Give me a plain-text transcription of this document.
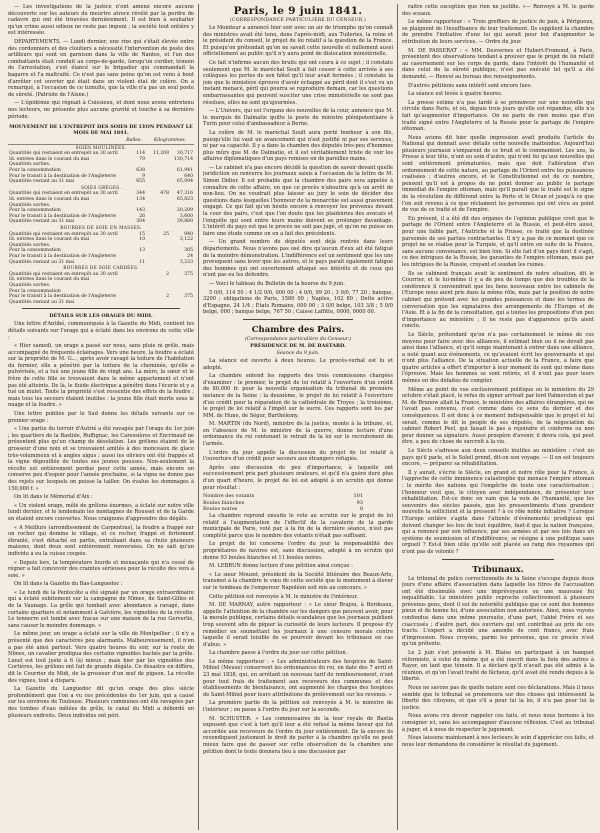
— Les investigations de la justice n'ont amené encore aucune découverte sur les auteurs du meurtre atroce révélé par la perdre de cadavre qui ont été trouvées dernièrement. Il est bien à souhaiter qu'un crime aussi odieux ne reste pas impuni ; la société tout entière y est intéressée.

DÉPARTEMENTS. — Lundi dernier, une rixe qui s'était élevée entre des cordonniers et des cloutiers a nécessité l'intervention de poste des artilleurs qui sont en garnison dans la ville de Nantes, et l'un des combattants était conduit au corps-de-garde, lorsqu'un cordier, témoin de l'arrestation, s'est élancé sur le brigadier qui commandait la bagarre et l'a maltraité. Ce n'est pas sans peine qu'on est venu à bout d'arrêter cet ouvrier qui était dans un violent état de colère. On a remarqué, à l'occasion de ce tumulte, que la ville n'a pas un seul poste de sûreté. (Patriote de l'Aisne.)

— L'épidémie qui régnait à Cuissieux, et dont nous avons entretenu nos lecteurs, ne présente plus aucune gravité et touche à sa dernière période.

MOUVEMENT DE L'ENTREPOT DES SOIES DE LYON PENDANT LE MOIS DE MAI 1841.
	Balles.	Kilogrammes.	
SOIES MOULINÉES.			
Quantités qui restaient en entrepôt au 30 avril	114	11,209	30,717
Id. entrées dans le courant du mai	79		130,714
Quantités sorties.			
Pour la consommation	638		61,941
Pour le transit à la destination de l'Angleterre	9		640
Quantités restant au 31 mai	655		65,094
SOIES GRÈGES.			
Quantités qui restaient en entrepôt au 30 avril	344	478	47,316
Id. entrées dans le courant du mai	134		65,823
Quantités sorties.			
Pour la consommation	143		20,209
Pour le transit à la destination de l'Angleterre	26		3,600
Quantités restant au 31 mai	304		39,880
BOURRES DE SOIE EN MASSES.			
Quantités qui restaient en entrepôt au 30 avril	15	25	940
Id. entrées dans le courant du mai	10		3,122
Quantités sorties.			
Pour la consommation	13		305
Pour le transit à la destination de l'Angleterre			24
Quantités restant au 31 mai	11		3,233
BOURRES DE SOIE CARDÉES.			
Quantités qui restaient en entrepôt au 30 avril		2	375
Id. entrées dans le courant du mai			
Quantités sorties.			
Pour la consommation			
Pour le transit à la destination de l'Angleterre		2	375
Quantités restant au 31 mai			
DÉTAILS SUR LES ORAGES DU MIDI.

Une lettre d'Antibé, communiquée à la Gazette du Midi, contient les détails suivants sur l'orage qui a éclaté dans les environs de cette ville :

« Hier samedi, un orage a passé sur nous, sans pluie ni grêle, mais accompagné de fréquents éclairages. Vers une heure, la foudre a éclaté sur la propriété de M. G..., après avoir ravagé la toiture de l'habitation du fermier, elle a pénétré par la toiture de la cheminée, qu'elle a pulvérisée, et a tué une jeune fille de vingt ans. La mère, la sœur et le frère de cette fille se trouvaient dans le même appartement et n'ont pas été atteints. De là, le fluide électrique a pénétré dans l'écurie et y a tué un mulet. Toute la propriété s'est ressentie des effets de la foudre ; mais tous les secours étaient inutiles : la jeune fille était morte sous le nuage et la foudre. »

Une lettre publiée par le Sud donne les détails suivants sur ce premier orage :

« Une partie du terroir d'Autrié a été ravagée par l'orage du 1er juin ; les quartiers de la Bastide, Ruffignac, les Caressières et Encrinaud ne présentent plus qu'un champ de désolation. Les grêlons étaient de la grosseur d'une noix et se trouvaient amités à des monceaux de glace très-volumineux et à angles aigus ; aussi les oliviers ont été frappés et la vigne dépouillée de toutes ses jeunes pousses. Non-seulement la récolte est entièrement perdue pour cette année, mais encore on conserve peu d'espoir pour l'année prochaine, si la vigne ne donne pas des rejets sur lesquels on puisse la tailler. On évalue les dommages à 150,000 f. »

On lit dans le Mémorial d'Aix :

« Un violent orage, mêlé de grêlons énormes, a éclaté sur notre ville lundi dernier, et le lendemain les montagnes de Rousset et de la Garde en étaient encore couvertes. Nous craignons d'apprendre des dégâts.

« A Meillurs (arrondissement de Carpentras), la foudre a frappé sur un rocher qui domine le village, et ce rocher, frappé et fortement ébranlé, s'est détaché en partie, entraînant dans sa chute plusieurs maisons, dont deux sont entièrement renversées. On ne sait qu'un individu a eu la cuisse coupée.

« Depuis lors, la température lourde et menaçante qui n'a cessé de régner a fait concevoir des craintes sérieuses pour la récolte des vers à soie. »

On lit dans la Gazette du Bas-Languedoc :

« Le lundi de la Pentecôte a été signalé par un orage extraordinaire qui a éclaté subitement sur la campagne de Nîmes, de Saint-Gilles et de la Vaunage. La grêle qui tombait avec abondance a ravagé, dans certains quartiers et notamment à Galvière, les vignobles de la récolte. Le tonnerre est tombé avec fracas sur une maison de la rue Gerverlié, sans causer le moindre dommage. »

Le même jour, un orage a éclaté sur la ville de Montpellier ; il n'y a présenté que des caractères peu alarmants. Malheureusement, il n'en a pas été ainsi partout. Vers quatre heures du soir, sur la route de Nîmes, un cavalier prodigua des certains vignobles hachés par la grêle. Lunel est tout juste à 6 (à) mieux ; mais hier par les vignobles des Cortières, les grêlons ont fait de grands dégâts. Ce désastre en diffère, dit le Courrier du Midi, de la grosseur d'un œuf de pigeon. La récolte des vignes, tout a disparu.

La Gazette du Languedoc dit qu'un orage des plus siècle profondément que l'on a vu ces précédentes du 1er juin, qui a causé sur les environs de Toulouse. Plusieurs communes ont été ravagées par des tombes d'eau mêlées de grêle, le canal du Midi a débordé en plusieurs endroits. Deux individus ont péri.

Paris, le 9 juin 1841.
(CORRESPONDANCE PARTICULIÈRE DU CENSEUR.)

Le Moniteur a annoncé hier soir avec un air de triomphe qu'on connaît des ministres avait été tenu, dans l'après-midi, aux Tuileries, la reine et le président du conseil, le projet de loi relatif à la question de la France. Et puisqu'on prétendait qu'on ne savait cette nouvelle et nullement aussi officiellement au public qu'il n'y aura point de dislocation ministérielle.

Ce fait n'infirme aucun des bruits qui ont couru à ce sujet ; il constate seulement que M. le maréchal Soult a fait cesser à cette arrivée à ses collègues les portes de son hôtel qu'il leur avait fermées ; il constate la joie que le ministère éprouve d'avoir échappé au péril dont il s'est vu un instant menacé, péril qui pourra se reproduire demain, car les questions embarrassantes qui peuvent susciter une crise ministérielle ne sont pas résolues, elles ne sont qu'ajournées.

— L'Univers, qui est l'organe des nouvelles de la cour, annonce que M. le marquis de Dalmatie quitte le poste de ministre plénipotentiaire à Turin pour celui d'ambassadeur à Berne.

La colère de M. le maréchal Soult aura porté bonheur à son fils, puisqu'elle lui vaut un avancement qui n'est justifié ni par ses services, ni par sa capacité. Il y a dans la chambre des députés très-peu d'hommes plus mûrs que M. de Dalmatie, et il est véritablement triste de voir les affaires diplomatiques d'un pays remises en de pareilles mains.

— Le cabinet n'a pas encore décidé la question de savoir devant quelle juridiction on renverra les journaux saisis à l'occasion de la lettre de M. Simon Didier. Il est probable que la chambre des pairs sera appelée à connaître de cette affaire, en que ce procès n'aboutira qu'à un arrêt de non-lieu. On ne voudrait plus laisser au jury le soin de décider des questions dans lesquelles l'honneur de la monarchie est aussi gravement engagé. Ce qui fait qu'on hésite encore à renvoyer les prévenus devant la cour des pairs, c'est que l'on doute que les plaidoiries des avocats et l'enquête qui sont entre leurs mains doivent se prolonger davantage. L'intérêt du pays est que le procès ne soit pas jugé, et qu'on ne puisse en faire une étude comme on en a fait des précédents.

— Un grand nombre de députés sont déjà rentrés dans leurs départements. Nous n'avons pas osé dire qu'aucun d'eux ait été fatigué de la moindre démonstration. L'indifférence est un sentiment que les uns provoquent sans lever que les autres, et le pays paraît également fatigué des hommes qui ont ouvertement attaqué ses intérêts et de ceux qui n'ont pas eu les défendre.

— Voici le tableau du Bulletin de la bourse du 9 juin.

5 0/0, 114 50 ; 4 1/2 0/0, 000 00 ; 4 0/0, 99 20 ; 3 0/0, 77 20 ; banque, 3200 ; obligations de Paris, 1580 00 ; Naples, 102 80 ; Dette active d'Espagne, 24 1/4 ; États Romains, 000 00 ; 3 0/0 belge, 103 3/8 ; 5 0/0 belge, 000 ; banque belge, 767 50 ; Caisse Laffitte, 0000, 0000 00.

Chambre des Pairs.
(Correspondance particulière du Censeur.)
PRÉSIDENCE DE M. DE BASTARD.
Séance du 9 juin.

La séance est ouverte à deux heures. Le procès-verbal est lu et adopté.

La chambre entend les rapports des trois commissions chargées d'examiner : le premier, le projet de loi relatif à l'ouverture d'un crédit de 80,000 fr. pour la nouvelle organisation du tribunal de première instance de la Seine ; la deuxième, le projet de loi relatif à l'ouverture d'un crédit pour la réparation de la cathédrale de Troyes ; la troisième, le projet de loi relatif à l'impôt sur le sucre. Ces rapports sont lus par MM. de Hune, de Ségur, Barthélemy.

M. MARTIN (du Nord), ministre de la justice, monte à la tribune, et, en l'absence de M. le ministre de la guerre, donne lecture d'une ordonnance du roi contenant le retrait de la loi sur le recrutement de l'armée.

L'ordre du jour appelle la discussion du projet de loi relatif à l'ouverture d'un crédit pour secours aux étrangers réfugiés.

Après une discussion de peu d'importance, à laquelle ont successivement pris part plusieurs orateurs, et qu'il n'a guère duré plus d'un quart d'heure, le projet de loi est adopté à un scrutin qui donne pour résultat :

Nombre des votants	101
Boules blanches	93
Boules noires	8

La chambre reprend ensuite le vote au scrutin sur le projet de loi relatif à l'augmentation de l'effectif de la cavalerie de la garde municipale de Paris, voté par, à la fin de la dernière séance, n'est pas complété parce que le nombre des votants n'était pas suffisant.

Le projet de loi concerne l'ordre du jour la responsabilité des propriétaires de navires est, sans discussion, adopté à un scrutin qui donne 93 boules blanches et 11 boules noires.

M. LEBRUN donne lecture d'une pétition ainsi conçue :

« Le sieur Mouzet, président de la Société littéraire des Beaux-Arts, transmet à la chambre le vœu de cette société que le monument à élever sur le tombeau de l'empereur Napoléon soit mis au concours. »

Cette pétition est renvoyée à M. le ministre de l'intérieur.

M. DE MARNAY, autre rapporteur : « Le sieur Brajou, à Bordeaux, appelle l'attention de la chambre sur les dangers que peuvent avoir, pour la morale publique, certains détails scandaleux que les journaux publient trop souvent afin de piquer la curiosité de leurs lecteurs. Il propose d'y remédier en soumettant les journaux à une censure morale contre laquelle il serait loisible de se pourvoir devant les tribunaux en cas d'abus. »

La chambre passe à l'ordre du jour sur cette pétition.

Le même rapporteur : « Les administrateurs des hospices de Saint-Mihiel (Meuse) conservent les ordonnances du roi, en date des 7 avril et 23 mai 1838, qui, en arrêtant un nouveau tarif de remboursement, n'ont pour tout frais de traitement aux receveurs des communes et des établissements de bienfaisance, ont augmenté les charges des hospices de Saint-Mihiel pour leurs attributions de prélèvement sur les revenus. »

La première partie de la pétition est renvoyée à M. le ministre de l'intérieur ; on passe à l'ordre du jour sur la seconde.

M. SCHUSTER. « Les commissaires de la tour royale de Bastia exposent que c'est à tort qu'il leur a été refusé la même faveur qui fut accordée aux receveurs de l'ordre du jour entièrement. De là encore ils revendiquent justement le droit de parler à la chambre qu'elle ne peut mieux faire que de passer sur cette observation de la chambre une pétition dont le texte donnera lieu à une discussion par

raître cette exception que rien ne justifie. »— Renvoyé à M. le garde des sceaux.

Le même rapporteur : « Trois greffiers de justice de paix, à Périgueux, se plaignent de l'insuffisance de leur traitement. Ils supplient la chambre de prendre l'initiative d'une loi qui aurait pour but d'augmenter la rétribution de leurs services. — Ordre du jour.

M. DE PASSERAT : « MM. Desvernes et Hubert-Fromond, à Paris, présentent des observations tendant à prouver que le projet de loi relatif au casernement sur les corps de garde, dans l'intérêt de l'humanité et dans celui de la sûreté publique, n'est pas exécuté tel qu'il a été demandé. — Renvoi au bureau des renseignements.

D'autres pétitions sans intérêt sont encore lues.

La séance est levée à quatre heures.

La presse estime n'a pas tardé à se prononcer sur une nouvelle qui circule dans Paris, et où, depuis trois jours qu'elle est répandue, elle n'a fait qu'augmenter d'importance. On ne parle de rien moins que d'un traité signé entre l'Angleterre et la Russie pour le partage de l'empire ottoman.

Nous avions dit hier quelle impression avait produite l'article du National qui donnait avec détails cette nouvelle inattendue. Aujourd'hui plusieurs journaux s'emparent de ce bruit et le commentent. Les uns, la Presse à leur tête, n'ont eu soin d'autre, qui n'ont foi qu'aux nouvelles qui sont entièrement prématurées, mais que doit l'altération d'un ordonnement de cette nature, au partage de l'Orient entre les puissances coalisées ; d'autres encore, et le Constitutionnel est de ce nombre, pensent qu'il est à propos de ne point donner au public le partage immédiat de l'empire ottoman, mais qu'il paraît que le traité est le signe de la révolution de différend entre la Porte et le Divan et jusqu'à ce que l'on soit revenu à ce que réclament les personnes qui ont vécu au point de vue de ce traité et de l'empire.

En présent, il a été dit des organes de l'opinion publique croit que le partage de l'Orient entre l'Angleterre et la Russie, et peut-être aussi, pour une faible part, l'Autriche et la Prusse, ce traité que la destinée parsemée de ses parties contractantes. Il n'y a pas de ce moment que ce projet ne se réalise pour la Turquie, et qu'il entre en suite de la France, sans aucune convenance, est bien loin. Si elle fait d'un pays dont il s'agit, ce des intrigues de la Russie, les garanties de l'empire ottoman, mais par les intrigues de la Russie, croyant et soudan les ruines.

Ils se cabinent français avait le sentiment de notre situation, dit le Courrier, et le lui-même il y a de peu de temps que des troubles de la conférence il conviendrait que les liens nouveaux entre les cabinets de l'Europe nous aient pris dans la même rôle, mais par la position de notre cabinet qui prétend avec les grandes puissances et dans les termes de conversation que les signataires des arrangements de l'Europe et de l'Asie. Et à la fin de la consultation, qui a toutes les propositions d'un peu d'importance au ministère ; il ne reste pas d'apparence qu'ils aient conclu.

Le Siècle, prétendant qu'on n'a pas certainement le même de ces moyens pour faire avec des alliances, il estimait bien ou il ne devait pas ainsi dans l'alliance, et qu'il songe maintenant à entrer dans une alliance, a noté quant aux événements, ce qu'avaient écrit les gouvernants et qui n'ont plus l'alliance. De la situation actuelle de la France, a faire que quatre articles a offert d'importer à leur moment ils sont qui même dans l'épreuve. Mais les hommes se sont retirés, et il n'ont pas pour leurs mêmes en des défaites de compter.

Même au point de vue exclusivement politique où le ministère du 29 octobre s'était placé, le refus de signer arrivait par lord Palmerston et par M. de Brunow allait la France, le ministère des affaires étrangères, qui ne l'avait pas convenu, n'est comme dans ce sens du dernier et des conséquences. Il est donc à ce moment indispensable que le projet et lui serait, comme le dit le peuple de ses députés, de la négociation du cabinet Robert Peel, qui faisait le pas à rejoindre et conforme ou non pour donner sa signature. Aussi prospère d'avenir, il devra cela, qui peut être, a peu de chose de surcroît à la vie.

Le Siècle s'adresse aux deux conseils inutiles au ministère : c'est un pays qu'il parle, et le Soleil prend, dit-on son voyage. — Il en est toujours encore, — préparer sa réhabilitation.

Il y aurait, s'écrie le Siècle, en grand et notre rôle pour la France, à l'approche de cette imminence catastrophe qui menace l'empire ottoman : le mérite des nations qui l'empêche de toute une caractérisation ; l'honneur veut que, le citoyen avec indépendance, de présenter leur réhabilitation. Est-ce donc en vain que la voix de l'humanité, que les souvenirs des siècles passés, que les pressentiments d'une grandeur nouvelle la sollicitent et la pressent ? à ce rôle noble initiative ? Lorsque l'Europe entière s'agite dans l'attente d'événements prodigieux qui doivent changer les lois de tout équilibre, faut-il que la nation française, qui a renoncé par son influence, par ses armées et par ses lois dans un système de soumission et d'indifférence, se résigne à une politique sans orgueil ? Est-il bien utile qu'elle soit placée au rang des royaumes qui n'ont pas de volonté ?

Tribunaux.

Le tribunal de police correctionnelle de la Seine s'occupe depuis deux jours d'une affaire d'association dans laquelle les titres de l'accusation ont été dissimulés avec une imprévoyance ou une mauvaise foi inqualifiable. Le ministère public reproche collectivement à plusieurs prévenus gens, dont il est de notoriété publique que ce sont des hommes pieux et de bonne foi, d'une association non autorisée. Ainsi, nous voyons confondus dans une même poursuite, d'une part, l'abbé Frère et ses coaccusés ; d'autre part, des ouvriers qui ont contribué au prix de ces tracts. L'expert a décidé une amende de cent francs, avec frais d'impression. Nous croyons, parmi les prévenus, que ce procès n'est qu'un prétexte.

Le 2 juin s'est présenté à M. Blaise un participant à un banquet réformiste, à celui du même qui a été inscrit dans la liste des autres à Rayer, en tant que témoin. Il a déclaré qu'il n'avait pas été admis à la réunion, et qu'on l'avait traité de fâcheux, qu'il avait été rendu depuis à la liberté.

Nous ne savons pas de quelle nature sont ces déclarations. Mais il nous semble que le tribunal se prononcera sur des choses qui intéressent la liberté des citoyens, et que s'il a pour lui la loi, il n'a pas pour lui la justice.

Nous avons cru devoir rappeler ces faits, et nous nous bornons à les consigner ici, sans les accompagner d'aucune réflexion. C'est au tribunal à juger, et à nous de respecter le jugement.

Nous laissons maintenant à nos lecteurs le soin d'apprécier ces faits, et nous leur demandons de considérer le résultat du jugement.
